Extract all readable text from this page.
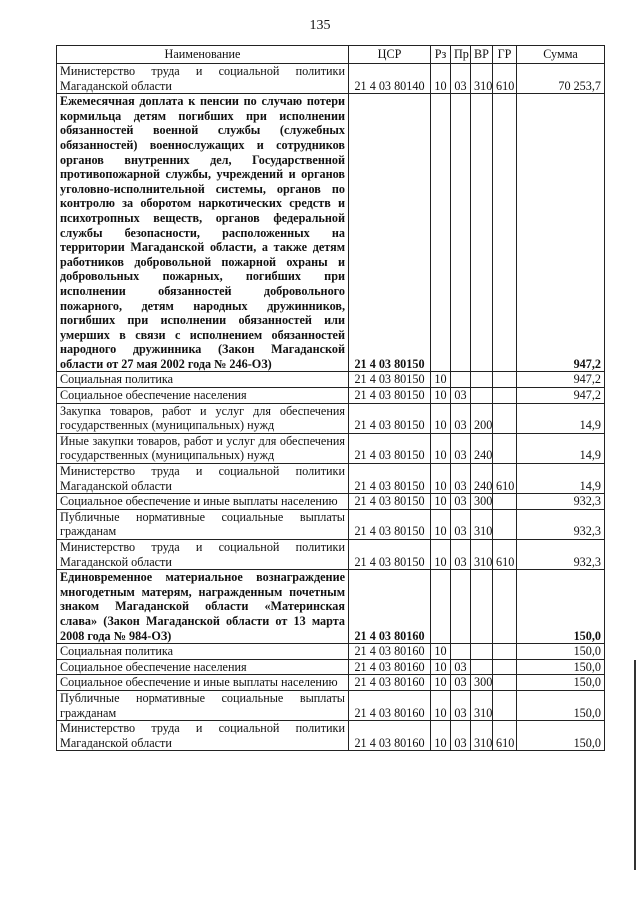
135
Наименование	ЦСР	Рз	Пр	ВР	ГР	Сумма
Министерство труда и социальной политики Магаданской области	21 4 03 80140	10	03	310	610	70 253,7
Ежемесячная доплата к пенсии по случаю потери кормильца детям погибших при исполнении обязанностей военной службы (служебных обязанностей) военнослужащих и сотрудников органов внутренних дел, Государственной противопожарной службы, учреждений и органов уголовно-исполнительной системы, органов по контролю за оборотом наркотических средств и психотропных веществ, органов федеральной службы безопасности, расположенных на территории Магаданской области, а также детям работников добровольной пожарной охраны и добровольных пожарных, погибших при исполнении обязанностей добровольного пожарного, детям народных дружинников, погибших при исполнении обязанностей или умерших в связи с исполнением обязанностей народного дружинника (Закон Магаданской области от 27 мая 2002 года № 246-ОЗ)	21 4 03 80150					947,2
Социальная политика	21 4 03 80150	10				947,2
Социальное обеспечение населения	21 4 03 80150	10	03			947,2
Закупка товаров, работ и услуг для обеспечения государственных (муниципальных) нужд	21 4 03 80150	10	03	200		14,9
Иные закупки товаров, работ и услуг для обеспечения государственных (муниципальных) нужд	21 4 03 80150	10	03	240		14,9
Министерство труда и социальной политики Магаданской области	21 4 03 80150	10	03	240	610	14,9
Социальное обеспечение и иные выплаты населению	21 4 03 80150	10	03	300		932,3
Публичные нормативные социальные выплаты гражданам	21 4 03 80150	10	03	310		932,3
Министерство труда и социальной политики Магаданской области	21 4 03 80150	10	03	310	610	932,3
Единовременное материальное вознаграждение многодетным матерям, награжденным почетным знаком Магаданской области «Материнская слава» (Закон Магаданской области от 13 марта 2008 года № 984-ОЗ)	21 4 03 80160					150,0
Социальная политика	21 4 03 80160	10				150,0
Социальное обеспечение населения	21 4 03 80160	10	03			150,0
Социальное обеспечение и иные выплаты населению	21 4 03 80160	10	03	300		150,0
Публичные нормативные социальные выплаты гражданам	21 4 03 80160	10	03	310		150,0
Министерство труда и социальной политики Магаданской области	21 4 03 80160	10	03	310	610	150,0
